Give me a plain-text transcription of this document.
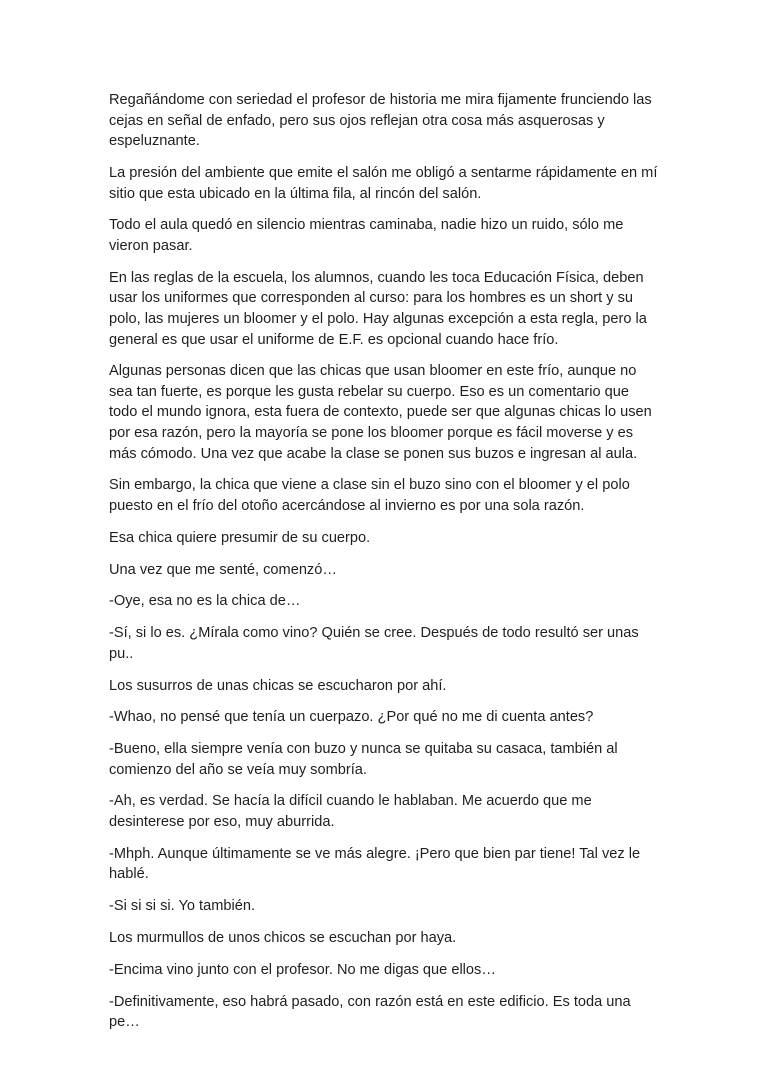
Regañándome con seriedad el profesor de historia me mira fijamente frunciendo las cejas en señal de enfado, pero sus ojos reflejan otra cosa más asquerosas y espeluznante.

La presión del ambiente que emite el salón me obligó a sentarme rápidamente en mí sitio que esta ubicado en la última fila, al rincón del salón.

Todo el aula quedó en silencio mientras caminaba, nadie hizo un ruido, sólo me vieron pasar.

En las reglas de la escuela, los alumnos, cuando les toca Educación Física, deben usar los uniformes que corresponden al curso: para los hombres es un short y su polo, las mujeres un bloomer y el polo. Hay algunas excepción a esta regla, pero la general es que usar el uniforme de E.F. es opcional cuando hace frío.

Algunas personas dicen que las chicas que usan bloomer en este frío, aunque no sea tan fuerte, es porque les gusta rebelar su cuerpo. Eso es un comentario que todo el mundo ignora, esta fuera de contexto, puede ser que algunas chicas lo usen por esa razón, pero la mayoría se pone los bloomer porque es fácil moverse y es más cómodo. Una vez que acabe la clase se ponen sus buzos e ingresan al aula.

Sin embargo, la chica que viene a clase sin el buzo sino con el bloomer y el polo puesto en el frío del otoño acercándose al invierno es por una sola razón.

Esa chica quiere presumir de su cuerpo.

Una vez que me senté, comenzó…

-Oye, esa no es la chica de…

-Sí, si lo es. ¿Mírala como vino? Quién se cree. Después de todo resultó ser unas pu..

Los susurros de unas chicas se escucharon por ahí.

-Whao, no pensé que tenía un cuerpazo. ¿Por qué no me di cuenta antes?

-Bueno, ella siempre venía con buzo y nunca se quitaba su casaca, también al comienzo del año se veía muy sombría.

-Ah, es verdad. Se hacía la difícil cuando le hablaban. Me acuerdo que me desinterese por eso, muy aburrida.

-Mhph. Aunque últimamente se ve más alegre. ¡Pero que bien par tiene! Tal vez le hablé.

-Si si si si. Yo también.

Los murmullos de unos chicos se escuchan por haya.

-Encima vino junto con el profesor. No me digas que ellos…

-Definitivamente, eso habrá pasado, con razón está en este edificio. Es toda una pe…
